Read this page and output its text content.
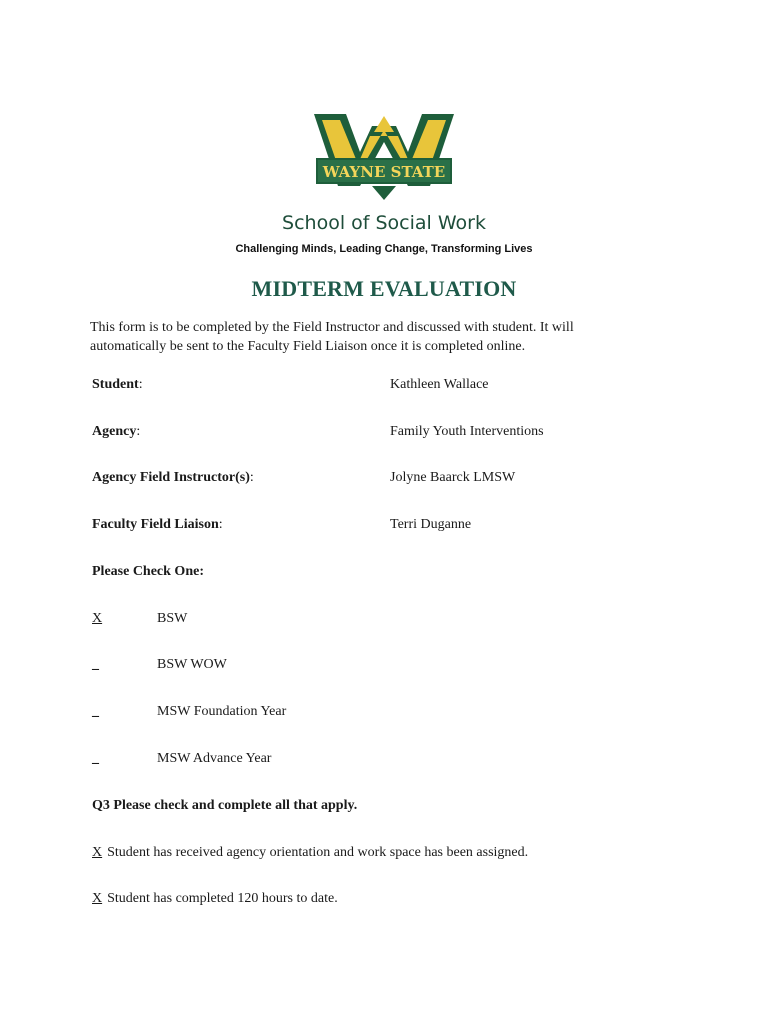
WAYNE STATE
School of Social Work
Challenging Minds, Leading Change, Transforming Lives
MIDTERM EVALUATION
This form is to be completed by the Field Instructor and discussed with student. It will automatically be sent to the Faculty Field Liaison once it is completed online.
Student:	Kathleen Wallace
Agency:	Family Youth Interventions
Agency Field Instructor(s):	Jolyne Baarck LMSW
Faculty Field Liaison:	Terri Duganne
Please Check One:
X	BSW
_	BSW WOW
_	MSW Foundation Year
_	MSW Advance Year
Q3 Please check and complete all that apply.
X Student has received agency orientation and work space has been assigned.
X Student has completed 120 hours to date.
